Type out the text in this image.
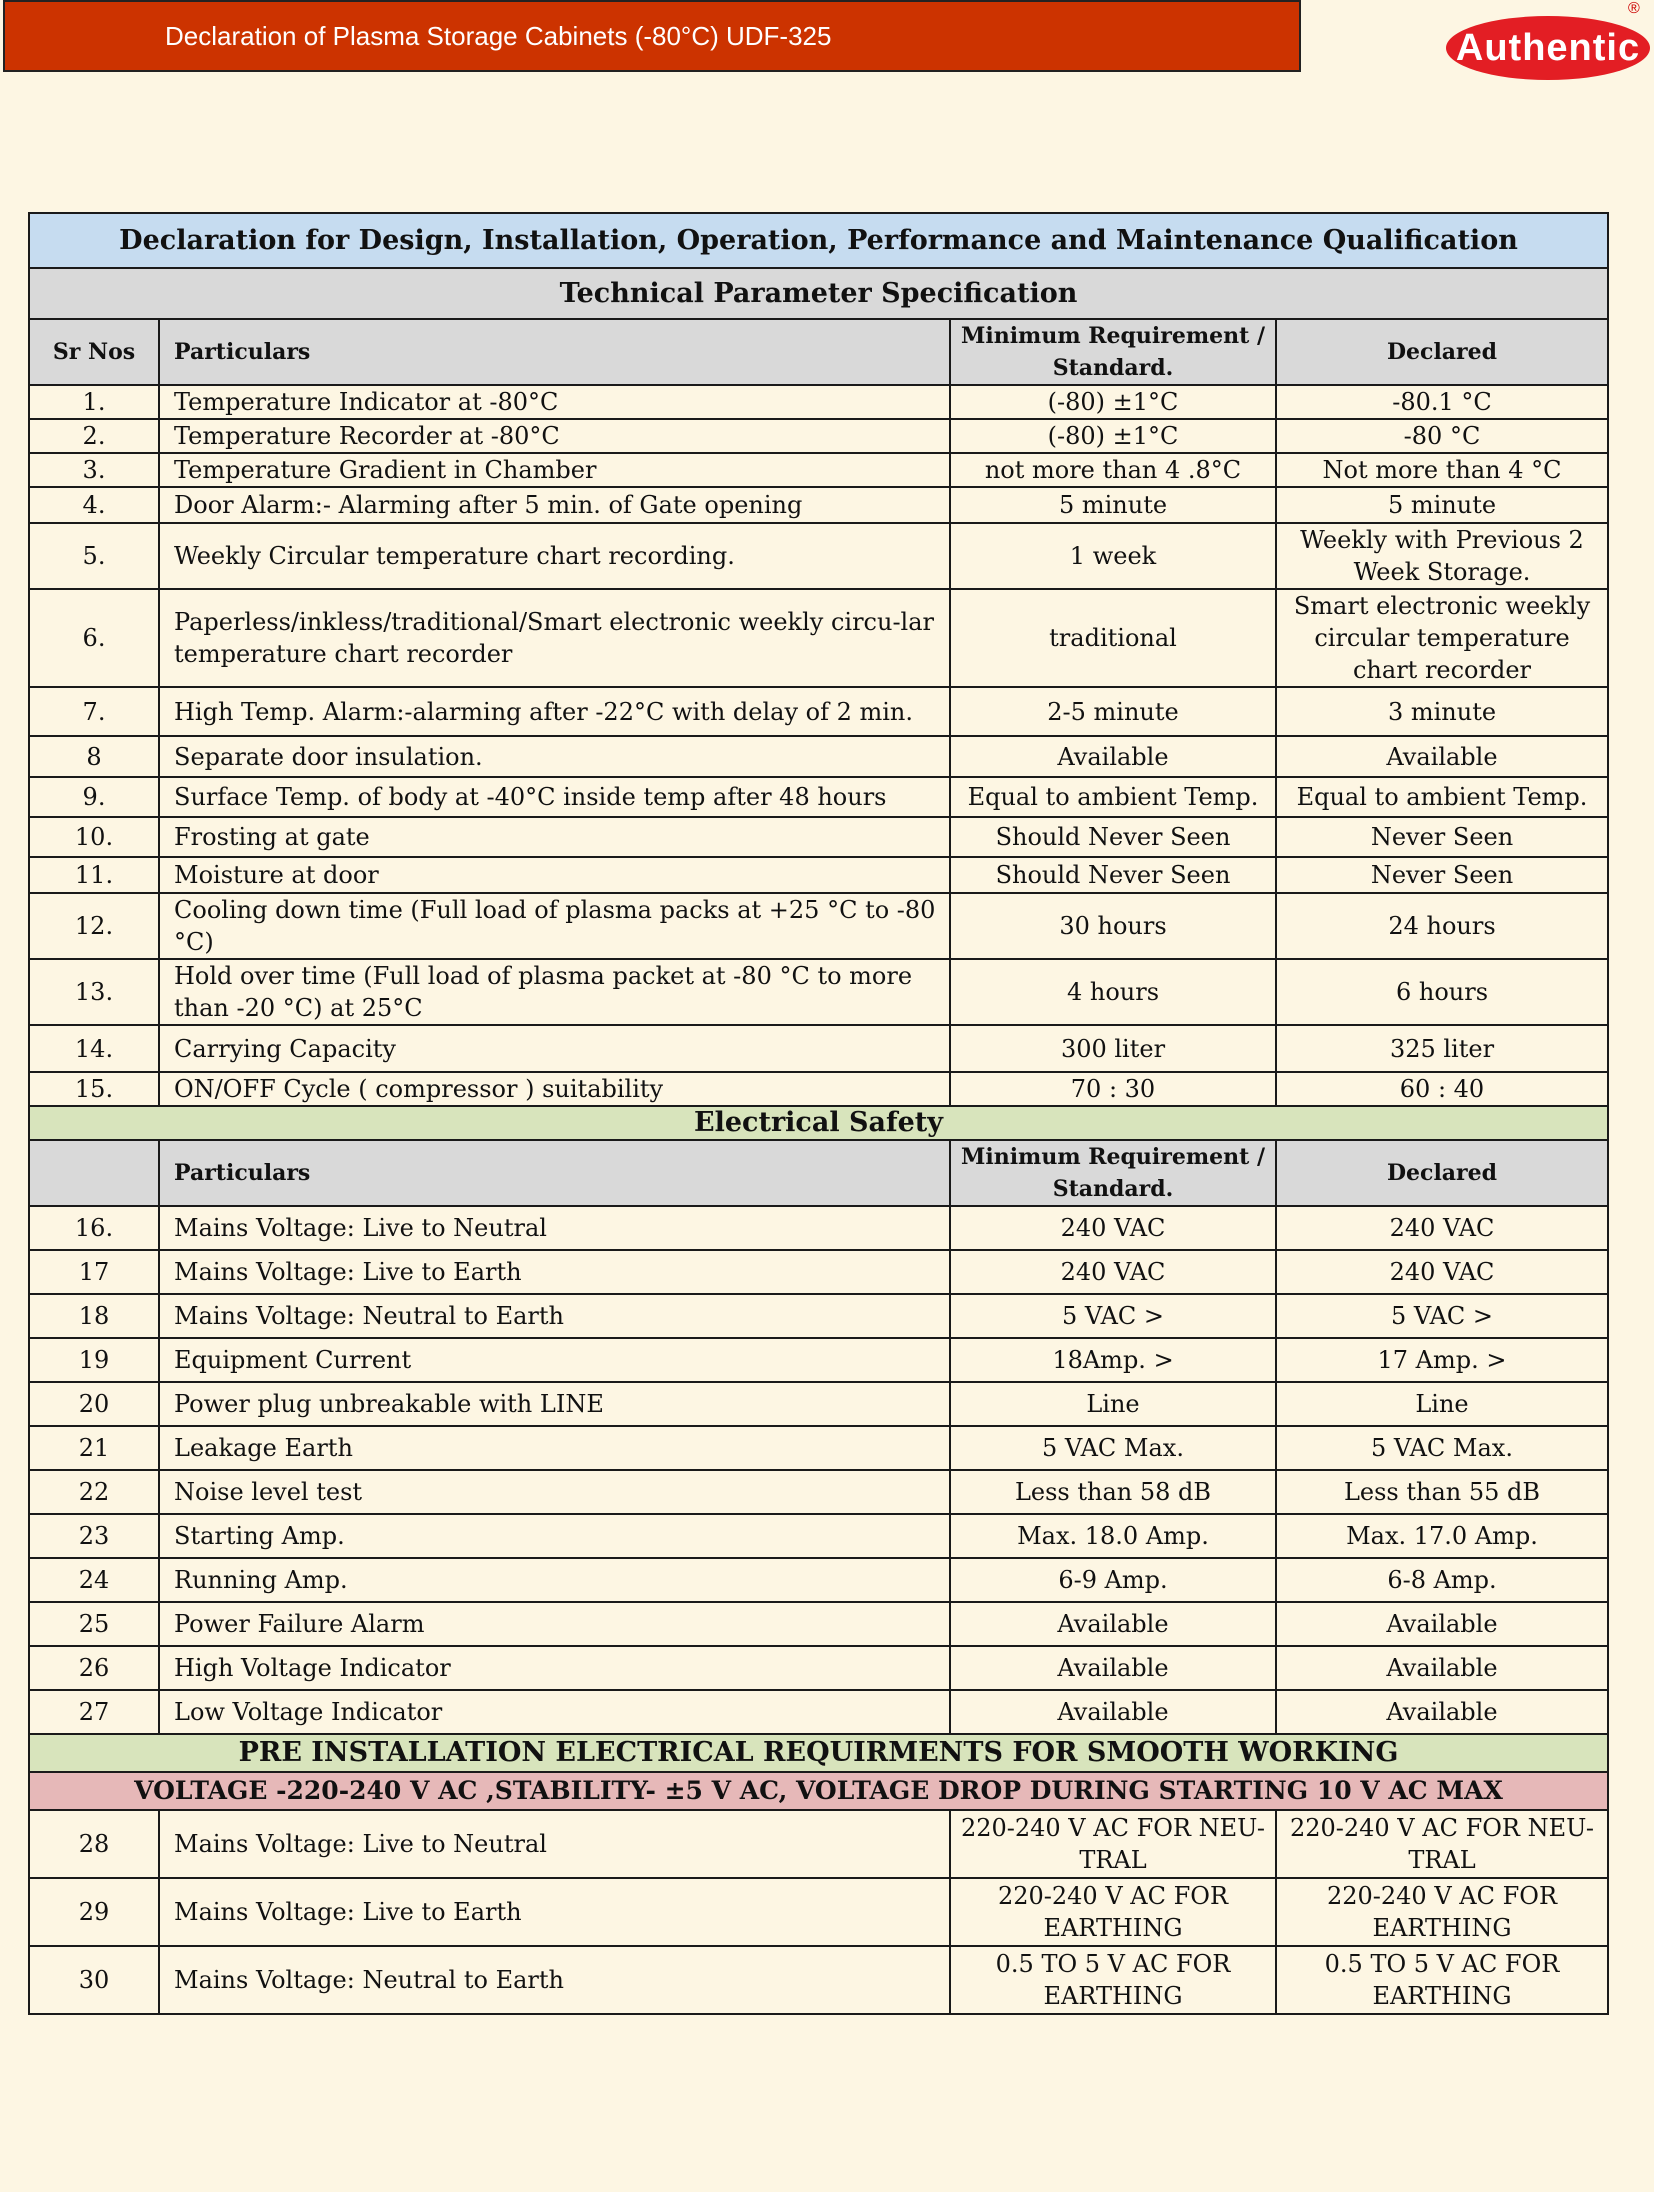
Declaration of Plasma Storage Cabinets (-80°C) UDF-325	Authentic
®
Declaration for Design, Installation, Operation, Performance and Maintenance Qualification			
Technical Parameter Specification			
Sr Nos	Particulars	Minimum Requirement / Standard.	Declared
1.	Temperature Indicator at -80°C	(-80) ±1°C	-80.1 °C
2.	Temperature Recorder at -80°C	(-80) ±1°C	-80 °C
3.	Temperature Gradient in Chamber	not more than 4 .8°C	Not more than 4 °C
4.	Door Alarm:- Alarming after 5 min. of Gate opening	5 minute	5 minute
5.	Weekly Circular temperature chart recording.	1 week	Weekly with Previous 2 Week Storage.
6.	Paperless/inkless/traditional/Smart electronic weekly circu-lar temperature chart recorder	traditional	Smart electronic weekly circular temperature chart recorder
7.	High Temp. Alarm:-alarming after -22°C with delay of 2 min.	2-5 minute	3 minute
8	Separate door insulation.	Available	Available
9.	Surface Temp. of body at -40°C inside temp after 48 hours	Equal to ambient Temp.	Equal to ambient Temp.
10.	Frosting at gate	Should Never Seen	Never Seen
11.	Moisture at door	Should Never Seen	Never Seen
12.	Cooling down time (Full load of plasma packs at +25 °C to -80 °C)	30 hours	24 hours
13.	Hold over time (Full load of plasma packet at -80 °C to more than -20 °C) at 25°C	4 hours	6 hours
14.	Carrying Capacity	300 liter	325 liter
15.	ON/OFF Cycle ( compressor ) suitability	70 : 30	60 : 40
Electrical Safety			
	Particulars	Minimum Requirement / Standard.	Declared
16.	Mains Voltage: Live to Neutral	240 VAC	240 VAC
17	Mains Voltage: Live to Earth	240 VAC	240 VAC
18	Mains Voltage: Neutral to Earth	5 VAC >	5 VAC >
19	Equipment Current	18Amp. >	17 Amp. >
20	Power plug unbreakable with LINE	Line	Line
21	Leakage Earth	5 VAC Max.	5 VAC Max.
22	Noise level test	Less than 58 dB	Less than 55 dB
23	Starting Amp.	Max. 18.0 Amp.	Max. 17.0 Amp.
24	Running Amp.	6-9 Amp.	6-8 Amp.
25	Power Failure Alarm	Available	Available
26	High Voltage Indicator	Available	Available
27	Low Voltage Indicator	Available	Available
PRE INSTALLATION ELECTRICAL REQUIRMENTS FOR SMOOTH WORKING			
VOLTAGE -220-240 V AC ,STABILITY- ±5 V AC, VOLTAGE DROP DURING STARTING 10 V AC MAX			
28	Mains Voltage: Live to Neutral	220-240 V AC FOR NEU-TRAL	220-240 V AC FOR NEU-TRAL
29	Mains Voltage: Live to Earth	220-240 V AC FOR EARTHING	220-240 V AC FOR EARTHING
30	Mains Voltage: Neutral to Earth	0.5 TO 5 V AC FOR EARTHING	0.5 TO 5 V AC FOR EARTHING
